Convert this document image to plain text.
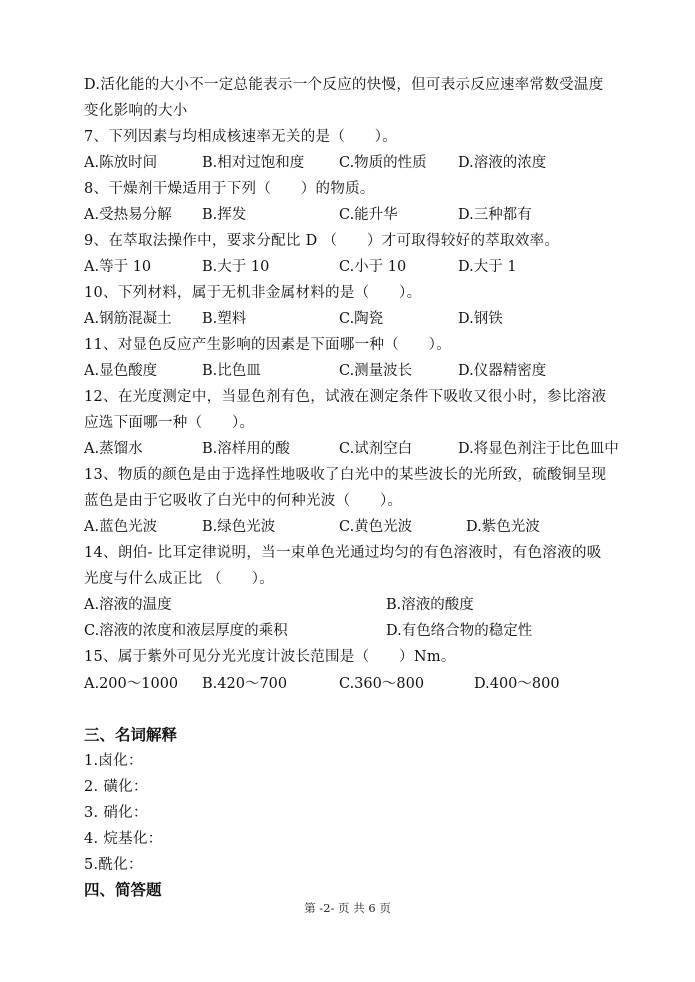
D.活化能的大小不一定总能表示一个反应的快慢，但可表示反应速率常数受温度
变化影响的大小
7、下列因素与均相成核速率无关的是（　　）。
A.陈放时间	B.相对过饱和度 C.物质的性质 D.溶液的浓度
8、干燥剂干燥适用于下列（　　）的物质。
A.受热易分解 B.挥发	C.能升华	D.三种都有
9、在萃取法操作中，要求分配比 D （　　）才可取得较好的萃取效率。
A.等于 10	B.大于 10	C.小于 10	D.大于 1
10、下列材料，属于无机非金属材料的是（　　）。
A.钢筋混凝土 B.塑料	C.陶瓷	D.钢铁
11、对显色反应产生影响的因素是下面哪一种（　　）。
A.显色酸度	B.比色皿	C.测量波长	D.仪器精密度
12、在光度测定中，当显色剂有色，试液在测定条件下吸收又很小时，参比溶液
应选下面哪一种（　　）。
A.蒸馏水	B.溶样用的酸	C.试剂空白	D.将显色剂注于比色皿中
13、物质的颜色是由于选择性地吸收了白光中的某些波长的光所致，硫酸铜呈现
蓝色是由于它吸收了白光中的何种光波（　　）。
A.蓝色光波	B.绿色光波	C.黄色光波	D.紫色光波
14、朗伯- 比耳定律说明，当一束单色光通过均匀的有色溶液时，有色溶液的吸
光度与什么成正比 （　　）。
A.溶液的温度	B.溶液的酸度
C.溶液的浓度和液层厚度的乘积	D.有色络合物的稳定性
15、属于紫外可见分光光度计波长范围是（　　）Nm。
A.200～1000 B.420～700	C.360～800	D.400～800
三、名词解释
1.卤化：
2. 磺化：
3. 硝化：
4. 烷基化：
5.酰化：
四、简答题
第 -2- 页 共 6 页
